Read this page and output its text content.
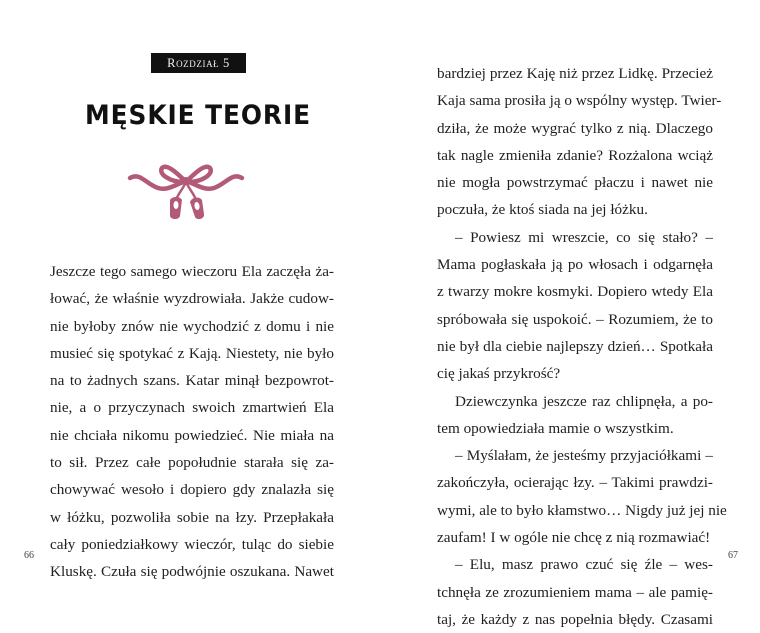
Rozdział 5
MĘSKIE TEORIE

Jeszcze tego samego wieczoru Ela zaczęła ża-
łować, że właśnie wyzdrowiała. Jakże cudow-
nie byłoby znów nie wychodzić z domu i nie
musieć się spotykać z Kają. Niestety, nie było
na to żadnych szans. Katar minął bezpowrot-
nie, a o przyczynach swoich zmartwień Ela
nie chciała nikomu powiedzieć. Nie miała na
to sił. Przez całe popołudnie starała się za-
chowywać wesoło i dopiero gdy znalazła się
w łóżku, pozwoliła sobie na łzy. Przepłakała
cały poniedziałkowy wieczór, tuląc do siebie
Kluskę. Czuła się podwójnie oszukana. Nawet

66

bardziej przez Kaję niż przez Lidkę. Przecież
Kaja sama prosiła ją o wspólny występ. Twier-
dziła, że może wygrać tylko z nią. Dlaczego
tak nagle zmieniła zdanie? Rozżalona wciąż
nie mogła powstrzymać płaczu i nawet nie
poczuła, że ktoś siada na jej łóżku.

– Powiesz mi wreszcie, co się stało? –
Mama pogłaskała ją po włosach i odgarnęła
z twarzy mokre kosmyki. Dopiero wtedy Ela
spróbowała się uspokoić. – Rozumiem, że to
nie był dla ciebie najlepszy dzień… Spotkała
cię jakaś przykrość?

Dziewczynka jeszcze raz chlipnęła, a po-
tem opowiedziała mamie o wszystkim.

– Myślałam, że jesteśmy przyjaciółkami –
zakończyła, ocierając łzy. – Takimi prawdzi-
wymi, ale to było kłamstwo… Nigdy już jej nie
zaufam! I w ogóle nie chcę z nią rozmawiać!

– Elu, masz prawo czuć się źle – wes-
tchnęła ze zrozumieniem mama – ale pamię-
taj, że każdy z nas popełnia błędy. Czasami

67
